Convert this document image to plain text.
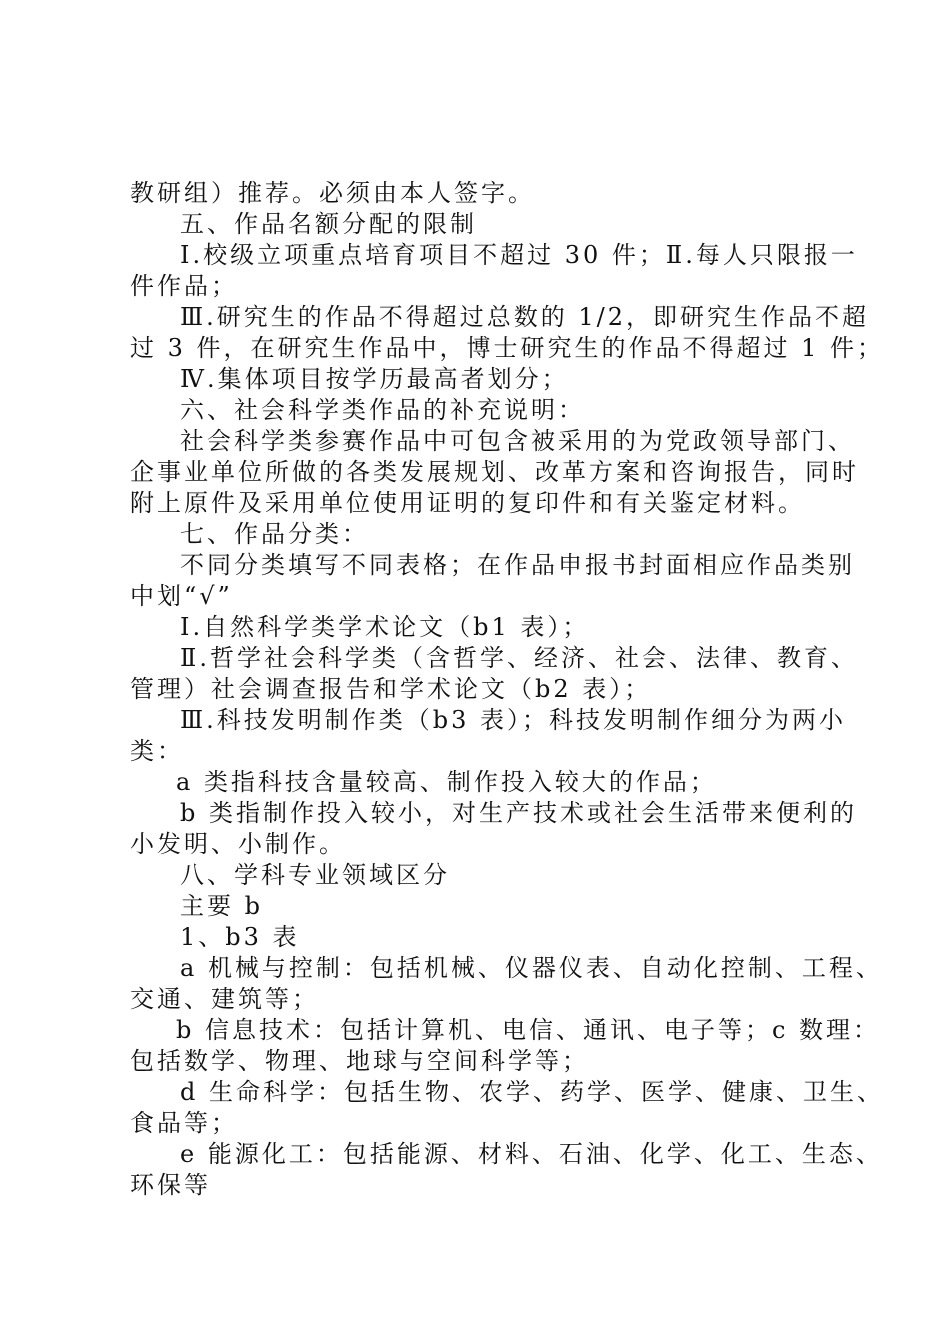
教研组）推荐。必须由本人签字。
五、作品名额分配的限制
Ⅰ.校级立项重点培育项目不超过 30 件；Ⅱ.每人只限报一
件作品；
Ⅲ.研究生的作品不得超过总数的 1/2，即研究生作品不超
过 3 件，在研究生作品中，博士研究生的作品不得超过 1 件；
Ⅳ.集体项目按学历最高者划分；
六、社会科学类作品的补充说明：
社会科学类参赛作品中可包含被采用的为党政领导部门、
企事业单位所做的各类发展规划、改革方案和咨询报告，同时
附上原件及采用单位使用证明的复印件和有关鉴定材料。
七、作品分类：
不同分类填写不同表格；在作品申报书封面相应作品类别
中划“√”
Ⅰ.自然科学类学术论文（b1 表）；
Ⅱ.哲学社会科学类（含哲学、经济、社会、法律、教育、
管理）社会调查报告和学术论文（b2 表）；
Ⅲ.科技发明制作类（b3 表）；科技发明制作细分为两小
类：
a 类指科技含量较高、制作投入较大的作品；
b 类指制作投入较小，对生产技术或社会生活带来便利的
小发明、小制作。
八、学科专业领域区分
主要 b
1、b3 表
a 机械与控制：包括机械、仪器仪表、自动化控制、工程、
交通、建筑等；
b 信息技术：包括计算机、电信、通讯、电子等；c 数理：
包括数学、物理、地球与空间科学等；
d 生命科学：包括生物、农学、药学、医学、健康、卫生、
食品等；
e 能源化工：包括能源、材料、石油、化学、化工、生态、
环保等
